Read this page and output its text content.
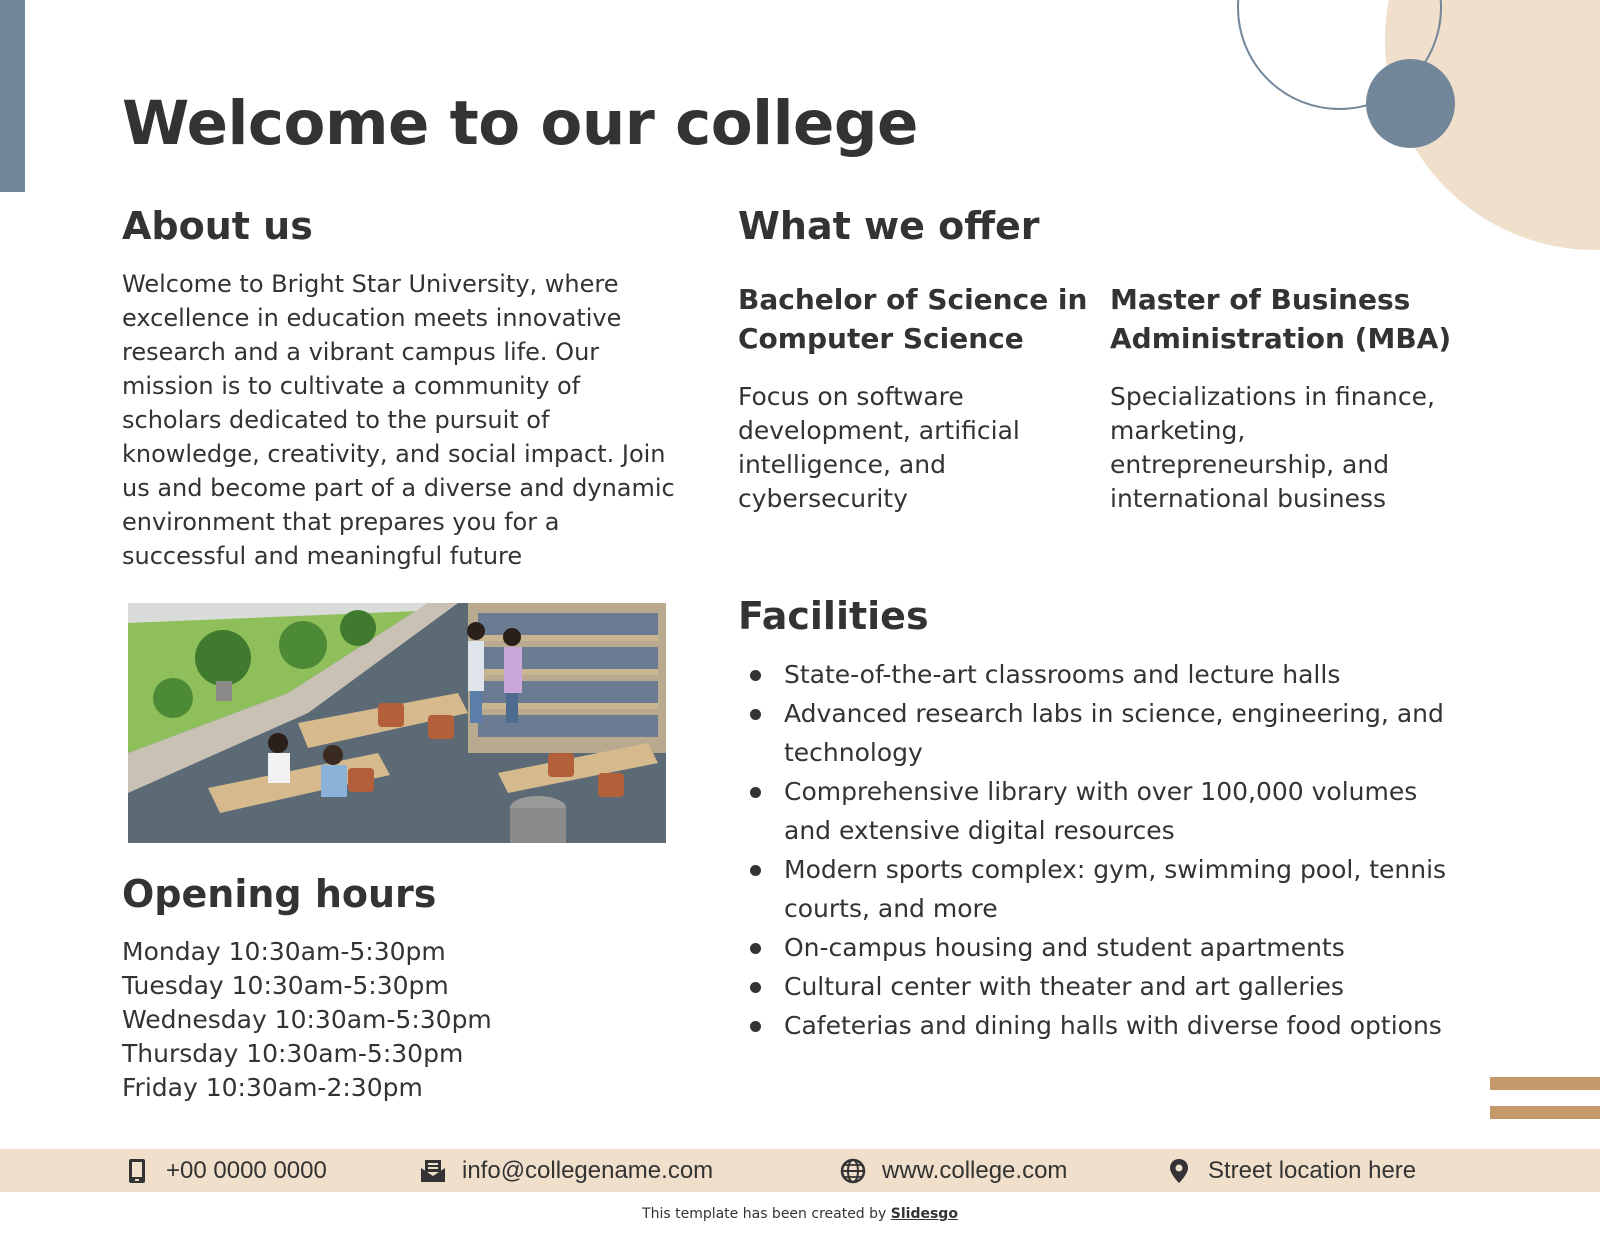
Welcome to our college
About us

Welcome to Bright Star University, where excellence in education meets innovative research and a vibrant campus life. Our mission is to cultivate a community of scholars dedicated to the pursuit of knowledge, creativity, and social impact. Join us and become part of a diverse and dynamic environment that prepares you for a successful and meaningful future

Opening hours
Monday 10:30am-5:30pm
Tuesday 10:30am-5:30pm
Wednesday 10:30am-5:30pm
Thursday 10:30am-5:30pm
Friday 10:30am-2:30pm
What we offer
Bachelor of Science in Computer Science

Focus on software development, artificial intelligence, and cybersecurity

Master of Business Administration (MBA)

Specializations in finance, marketing, entrepreneurship, and international business

Facilities
State-of-the-art classrooms and lecture halls
Advanced research labs in science, engineering, and technology
Comprehensive library with over 100,000 volumes and extensive digital resources
Modern sports complex: gym, swimming pool, tennis courts, and more
On-campus housing and student apartments
Cultural center with theater and art galleries
Cafeterias and dining halls with diverse food options
+00 0000 0000	info@collegename.com	www.college.com	Street location here
This template has been created by Slidesgo
